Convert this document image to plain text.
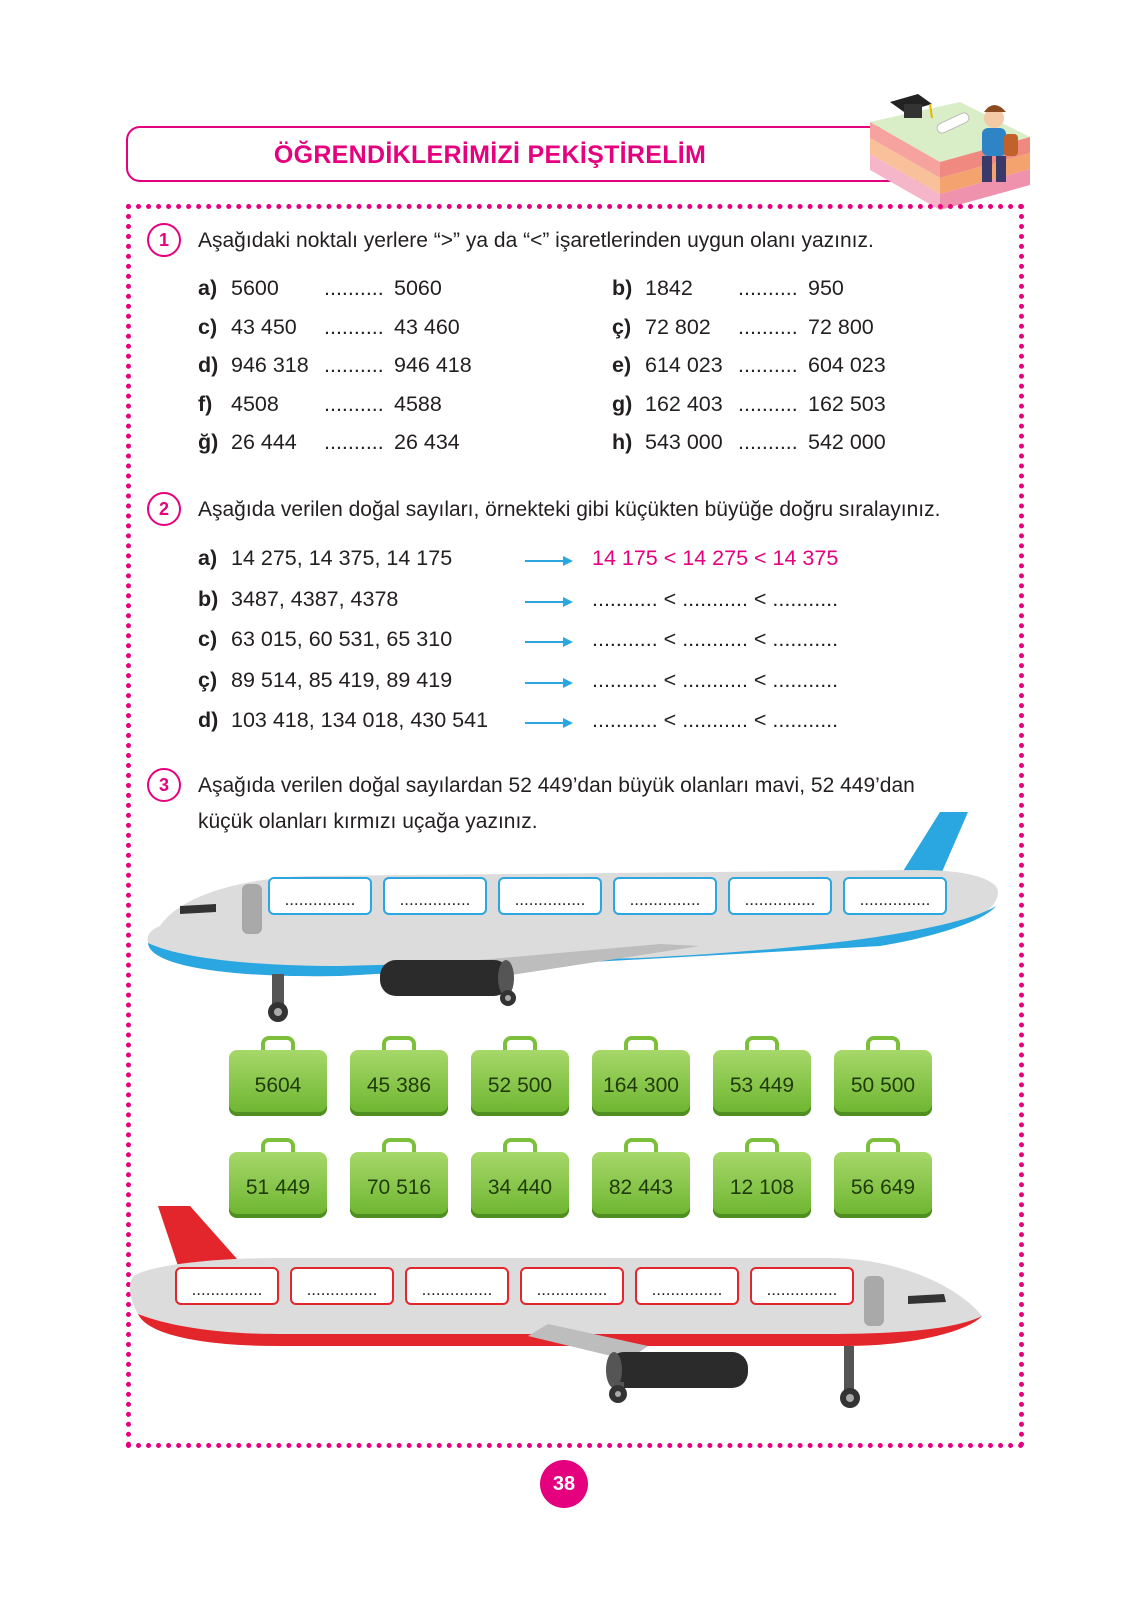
ÖĞRENDİKLERİMİZİ PEKİŞTİRELİM
1	Aşağıdaki noktalı yerlere “>” ya da “<” işaretlerinden uygun olanı yazınız.
a) 5600 .......... 5060	b) 1842 .......... 950
c) 43 450 .......... 43 460	ç) 72 802 .......... 72 800
d) 946 318 .......... 946 418	e) 614 023 .......... 604 023
f) 4508 .......... 4588	g) 162 403 .......... 162 503
ğ) 26 444 .......... 26 434	h) 543 000 .......... 542 000
2	Aşağıda verilen doğal sayıları, örnekteki gibi küçükten büyüğe doğru sıralayınız.
a) 14 275, 14 375, 14 175	14 175 < 14 275 < 14 375
b) 3487, 4387, 4378	........... < ........... < ...........
c) 63 015, 60 531, 65 310	........... < ........... < ...........
ç) 89 514, 85 419, 89 419	........... < ........... < ...........
d) 103 418, 134 018, 430 541	........... < ........... < ...........
3	Aşağıda verilen doğal sayılardan 52 449’dan büyük olanları mavi, 52 449’dan
küçük olanları kırmızı uçağa yazınız.
...............	...............	...............	...............	...............	...............
...............	...............	...............	...............	...............	...............
5604	45 386	52 500	164 300	53 449	50 500
51 449	70 516	34 440	82 443	12 108	56 649
38
